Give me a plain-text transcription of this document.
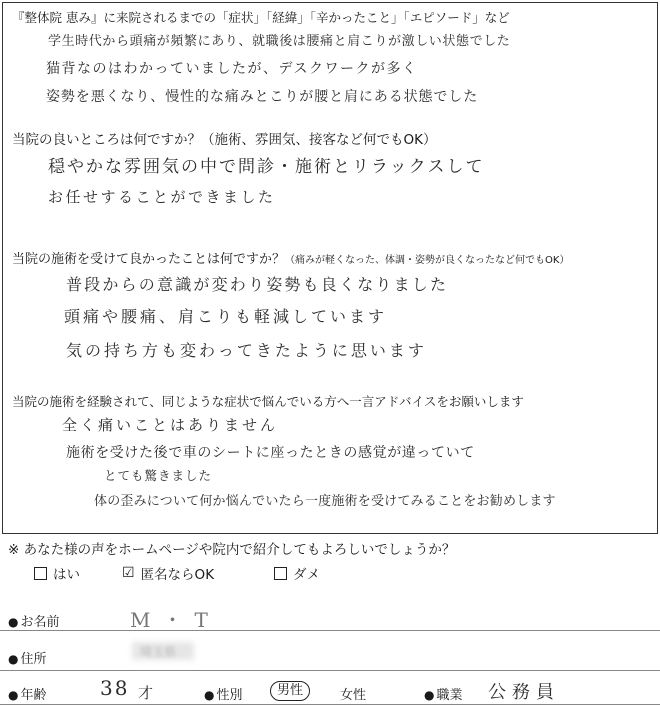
『整体院 恵み』に来院されるまでの「症状」「経緯」「辛かったこと」「エピソード」など
学生時代から頭痛が頻繁にあり、就職後は腰痛と肩こりが激しい状態でした
猫背なのはわかっていましたが、デスクワークが多く
姿勢を悪くなり、慢性的な痛みとこりが腰と肩にある状態でした
当院の良いところは何ですか？（施術、雰囲気、接客など何でもOK）
穏やかな雰囲気の中で問診・施術とリラックスして
お任せすることができました
当院の施術を受けて良かったことは何ですか？（痛みが軽くなった、体調・姿勢が良くなったなど何でもOK）
普段からの意識が変わり姿勢も良くなりました
頭痛や腰痛、肩こりも軽減しています
気の持ち方も変わってきたように思います
当院の施術を経験されて、同じような症状で悩んでいる方へ一言アドバイスをお願いします
全く痛いことはありません
施術を受けた後で車のシートに座ったときの感覚が違っていて
とても驚きました
体の歪みについて何か悩んでいたら一度施術を受けてみることをお勧めします
※ あなた様の声をホームページや院内で紹介してもよろしいでしょうか？
はい	☑ 匿名ならOK	ダメ
● お名前	M・T
● 住所	埼玉県
● 年齢	38 才	● 性別	男性	女性	● 職業 公務員
